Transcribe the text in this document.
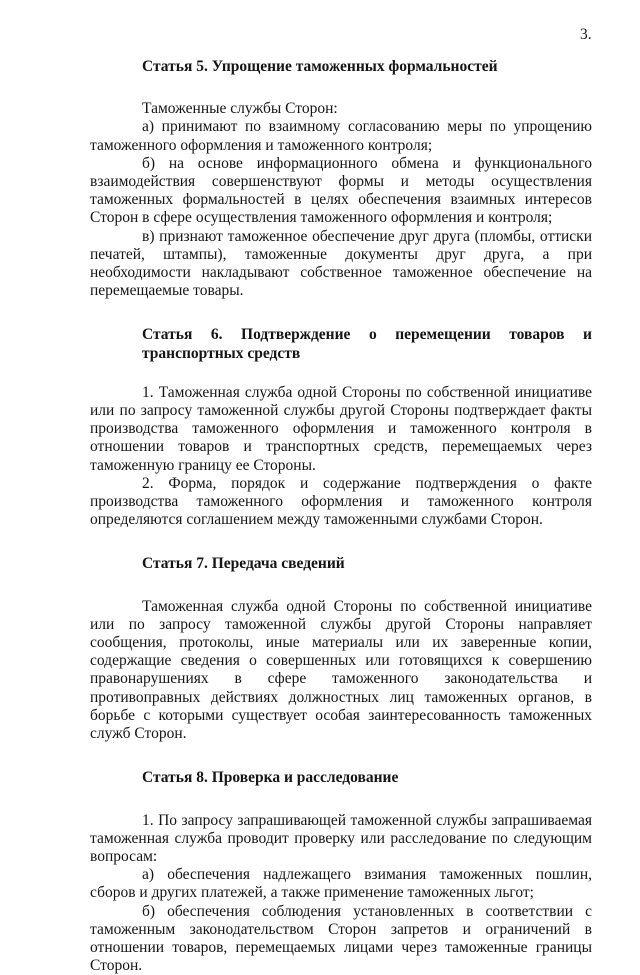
3.
Статья 5. Упрощение таможенных формальностей

Таможенные службы Сторон:

а) принимают по взаимному согласованию меры по упрощению таможенного оформления и таможенного контроля;

б) на основе информационного обмена и функционального взаимодействия совершенствуют формы и методы осуществления таможенных формальностей в целях обеспечения взаимных интересов Сторон в сфере осуществления таможенного оформления и контроля;

в) признают таможенное обеспечение друг друга (пломбы, оттиски печатей, штампы), таможенные документы друг друга, а при необходимости накладывают собственное таможенное обеспечение на перемещаемые товары.

Статья 6. Подтверждение о перемещении товаров и транспортных средств

1. Таможенная служба одной Стороны по собственной инициативе или по запросу таможенной службы другой Стороны подтверждает факты производства таможенного оформления и таможенного контроля в отношении товаров и транспортных средств, перемещаемых через таможенную границу ее Стороны.

2. Форма, порядок и содержание подтверждения о факте производства таможенного оформления и таможенного контроля определяются соглашением между таможенными службами Сторон.

Статья 7. Передача сведений

Таможенная служба одной Стороны по собственной инициативе или по запросу таможенной службы другой Стороны направляет сообщения, протоколы, иные материалы или их заверенные копии, содержащие сведения о совершенных или готовящихся к совершению правонарушениях в сфере таможенного законодательства и противоправных действиях должностных лиц таможенных органов, в борьбе с которыми существует особая заинтересованность таможенных служб Сторон.

Статья 8. Проверка и расследование

1. По запросу запрашивающей таможенной службы запрашиваемая таможенная служба проводит проверку или расследование по следующим вопросам:

а) обеспечения надлежащего взимания таможенных пошлин, сборов и других платежей, а также применение таможенных льгот;

б) обеспечения соблюдения установленных в соответствии с таможенным законодательством Сторон запретов и ограничений в отношении товаров, перемещаемых лицами через таможенные границы Сторон.
